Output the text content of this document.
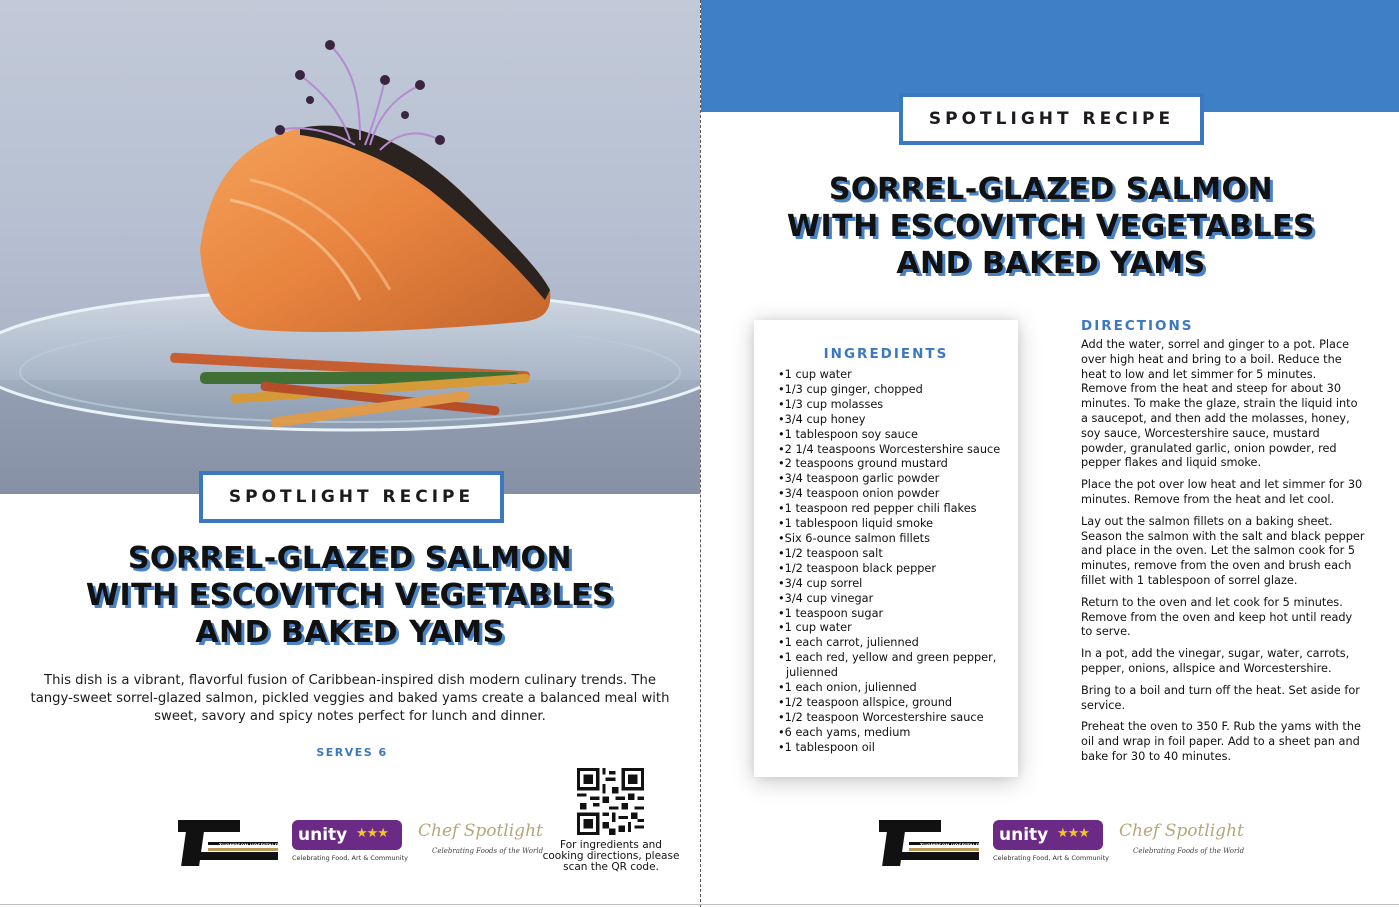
SPOTLIGHT RECIPE
SORREL-GLAZED SALMON
WITH ESCOVITCH VEGETABLES
AND BAKED YAMS
This dish is a vibrant, flavorful fusion of Caribbean-inspired dish modern culinary trends. The tangy-sweet sorrel-glazed salmon, pickled veggies and baked yams create a balanced meal with sweet, savory and spicy notes perfect for lunch and dinner.
SERVES 6
THOMPSON HOSPITALITY
unity ★★★
Celebrating Food, Art & Community
Chef Spotlight
Celebrating Foods of the World	For ingredients and cooking directions, please scan the QR code.
SPOTLIGHT RECIPE
SORREL-GLAZED SALMON
WITH ESCOVITCH VEGETABLES
AND BAKED YAMS
INGREDIENTS
• 1 cup water
• 1/3 cup ginger, chopped
• 1/3 cup molasses
• 3/4 cup honey
• 1 tablespoon soy sauce
• 2 1/4 teaspoons Worcestershire sauce
• 2 teaspoons ground mustard
• 3/4 teaspoon garlic powder
• 3/4 teaspoon onion powder
• 1 teaspoon red pepper chili flakes
• 1 tablespoon liquid smoke
• Six 6-ounce salmon fillets
• 1/2 teaspoon salt
• 1/2 teaspoon black pepper
• 3/4 cup sorrel
• 3/4 cup vinegar
• 1 teaspoon sugar
• 1 cup water
• 1 each carrot, julienned
• 1 each red, yellow and green pepper, julienned
• 1 each onion, julienned
• 1/2 teaspoon allspice, ground
• 1/2 teaspoon Worcestershire sauce
• 6 each yams, medium
• 1 tablespoon oil
DIRECTIONS

Add the water, sorrel and ginger to a pot. Place over high heat and bring to a boil. Reduce the heat to low and let simmer for 5 minutes. Remove from the heat and steep for about 30 minutes. To make the glaze, strain the liquid into a saucepot, and then add the molasses, honey, soy sauce, Worcestershire sauce, mustard powder, granulated garlic, onion powder, red pepper flakes and liquid smoke.

Place the pot over low heat and let simmer for 30 minutes. Remove from the heat and let cool.

Lay out the salmon fillets on a baking sheet. Season the salmon with the salt and black pepper and place in the oven. Let the salmon cook for 5 minutes, remove from the oven and brush each fillet with 1 tablespoon of sorrel glaze.

Return to the oven and let cook for 5 minutes. Remove from the oven and keep hot until ready to serve.

In a pot, add the vinegar, sugar, water, carrots, pepper, onions, allspice and Worcestershire.

Bring to a boil and turn off the heat. Set aside for service.

Preheat the oven to 350 F. Rub the yams with the oil and wrap in foil paper. Add to a sheet pan and bake for 30 to 40 minutes.

THOMPSON HOSPITALITY
unity ★★★
Celebrating Food, Art & Community
Chef Spotlight
Celebrating Foods of the World
